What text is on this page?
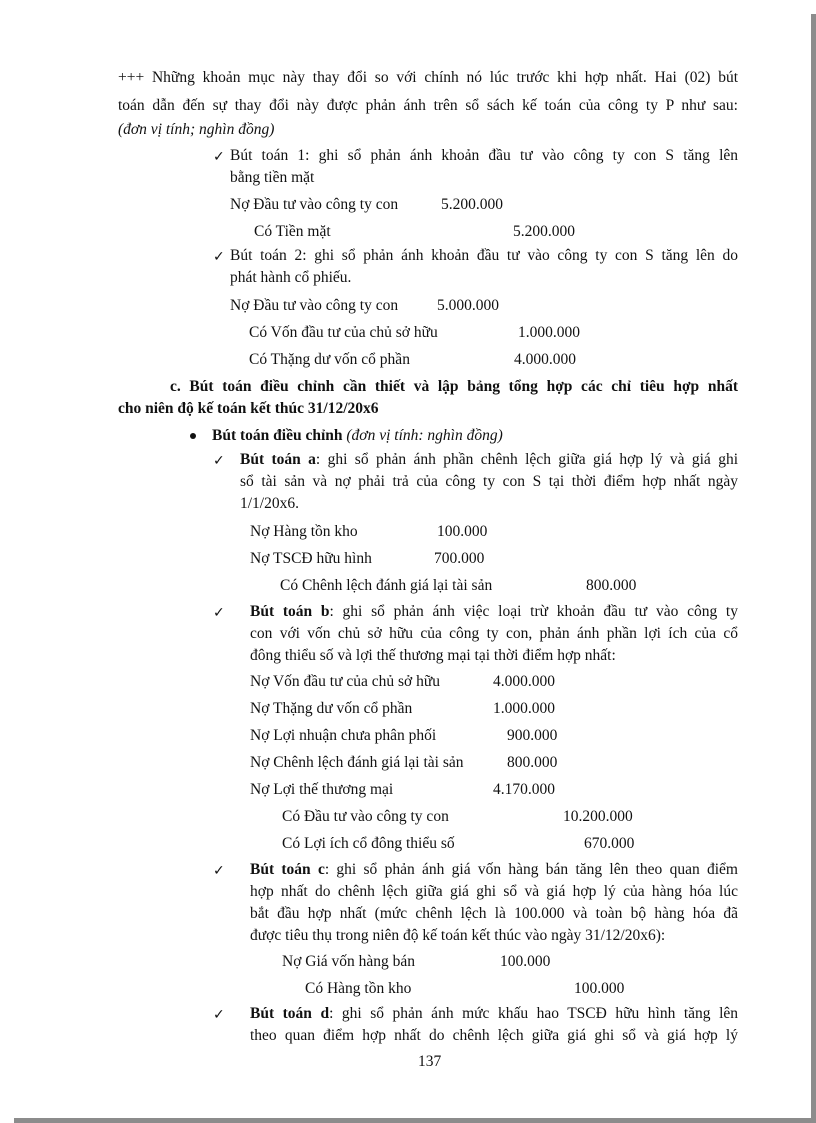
+++ Những khoản mục này thay đổi so với chính nó lúc trước khi hợp nhất. Hai (02) bút
toán dẫn đến sự thay đổi này được phản ánh trên sổ sách kế toán của công ty P như sau:
(đơn vị tính; nghìn đồng)
✓ Bút toán 1: ghi sổ phản ánh khoản đầu tư vào công ty con S tăng lên
bằng tiền mặt
Nợ Đầu tư vào công ty con	5.200.000
Có Tiền mặt	5.200.000
✓ Bút toán 2: ghi sổ phản ánh khoản đầu tư vào công ty con S tăng lên do
phát hành cổ phiếu.
Nợ Đầu tư vào công ty con	5.000.000
Có Vốn đầu tư của chủ sở hữu	1.000.000
Có Thặng dư vốn cổ phần	4.000.000
c. Bút toán điều chỉnh cần thiết và lập bảng tổng hợp các chỉ tiêu hợp nhất
cho niên độ kế toán kết thúc 31/12/20x6
Bút toán điều chỉnh (đơn vị tính: nghìn đồng)
✓ Bút toán a: ghi sổ phản ánh phần chênh lệch giữa giá hợp lý và giá ghi
sổ tài sản và nợ phải trả của công ty con S tại thời điểm hợp nhất ngày
1/1/20x6.
Nợ Hàng tồn kho	100.000
Nợ TSCĐ hữu hình	700.000
Có Chênh lệch đánh giá lại tài sản	800.000
✓ Bút toán b: ghi sổ phản ánh việc loại trừ khoản đầu tư vào công ty
con với vốn chủ sở hữu của công ty con, phản ánh phần lợi ích của cổ
đông thiểu số và lợi thế thương mại tại thời điểm hợp nhất:
Nợ Vốn đầu tư của chủ sở hữu	4.000.000
Nợ Thặng dư vốn cổ phần	1.000.000
Nợ Lợi nhuận chưa phân phối	900.000
Nợ Chênh lệch đánh giá lại tài sản	800.000
Nợ Lợi thế thương mại	4.170.000
Có Đầu tư vào công ty con	10.200.000
Có Lợi ích cổ đông thiểu số	670.000
✓ Bút toán c: ghi sổ phản ánh giá vốn hàng bán tăng lên theo quan điểm
hợp nhất do chênh lệch giữa giá ghi sổ và giá hợp lý của hàng hóa lúc
bắt đầu hợp nhất (mức chênh lệch là 100.000 và toàn bộ hàng hóa đã
được tiêu thụ trong niên độ kế toán kết thúc vào ngày 31/12/20x6):
Nợ Giá vốn hàng bán	100.000
Có Hàng tồn kho	100.000
✓ Bút toán d: ghi sổ phản ánh mức khấu hao TSCĐ hữu hình tăng lên
theo quan điểm hợp nhất do chênh lệch giữa giá ghi sổ và giá hợp lý
137
